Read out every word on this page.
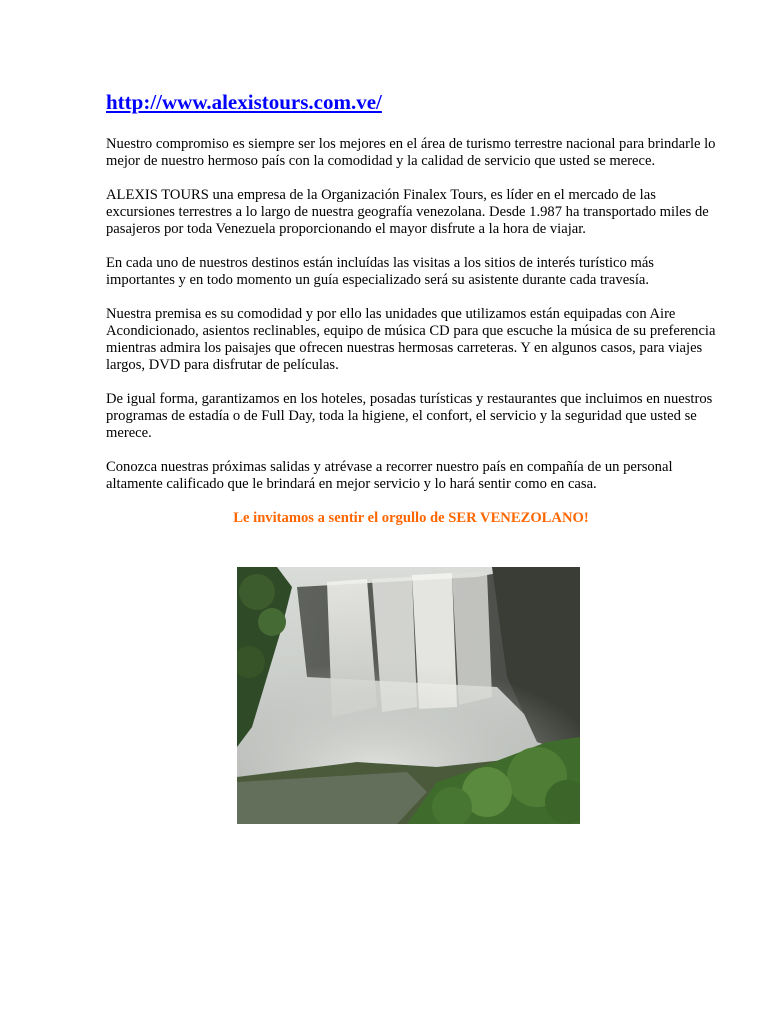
http://www.alexistours.com.ve/

Nuestro compromiso es siempre ser los mejores en el área de turismo terrestre nacional para brindarle lo mejor de nuestro hermoso país con la comodidad y la calidad de servicio que usted se merece.

ALEXIS TOURS una empresa de la Organización Finalex Tours, es líder en el mercado de las excursiones terrestres a lo largo de nuestra geografía venezolana. Desde 1.987 ha transportado miles de pasajeros por toda Venezuela proporcionando el mayor disfrute a la hora de viajar.

En cada uno de nuestros destinos están incluídas las visitas a los sitios de interés turístico más importantes y en todo momento un guía especializado será su asistente durante cada travesía.

Nuestra premisa es su comodidad y por ello las unidades que utilizamos están equipadas con Aire Acondicionado, asientos reclinables, equipo de música CD para que escuche la música de su preferencia mientras admira los paisajes que ofrecen nuestras hermosas carreteras. Y en algunos casos, para viajes largos, DVD para disfrutar de películas.

De igual forma, garantizamos en los hoteles, posadas turísticas y restaurantes que incluimos en nuestros programas de estadía o de Full Day, toda la higiene, el confort, el servicio y la seguridad que usted se merece.

Conozca nuestras próximas salidas y atrévase a recorrer nuestro país en compañía de un personal altamente calificado que le brindará en mejor servicio y lo hará sentir como en casa.

Le invitamos a sentir el orgullo de SER VENEZOLANO!
